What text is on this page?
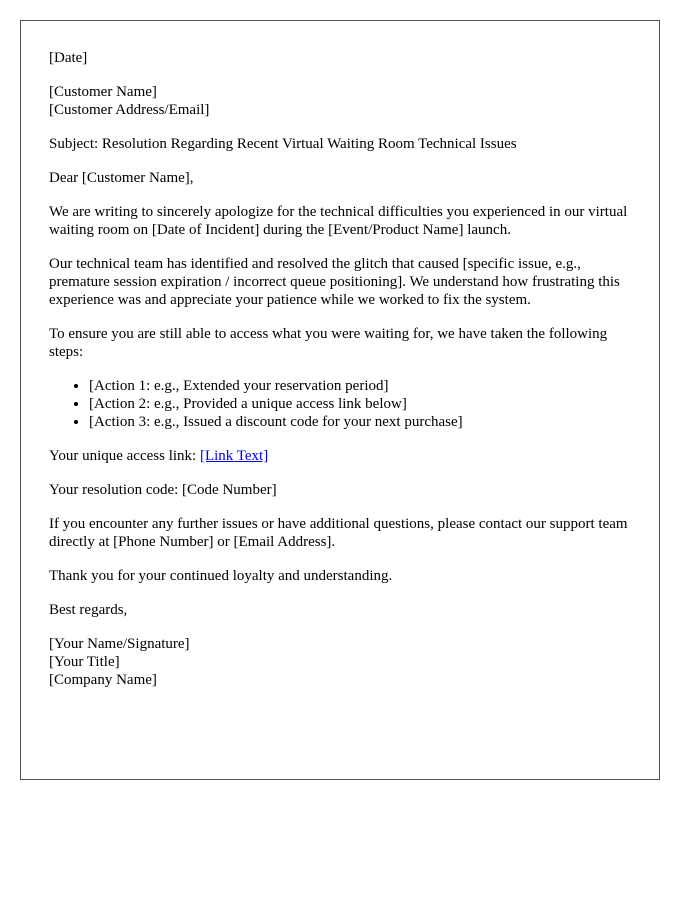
[Date]

[Customer Name]
[Customer Address/Email]

Subject: Resolution Regarding Recent Virtual Waiting Room Technical Issues

Dear [Customer Name],

We are writing to sincerely apologize for the technical difficulties you experienced in our virtual waiting room on [Date of Incident] during the [Event/Product Name] launch.

Our technical team has identified and resolved the glitch that caused [specific issue, e.g., premature session expiration / incorrect queue positioning]. We understand how frustrating this experience was and appreciate your patience while we worked to fix the system.

To ensure you are still able to access what you were waiting for, we have taken the following steps:

• [Action 1: e.g., Extended your reservation period]
• [Action 2: e.g., Provided a unique access link below]
• [Action 3: e.g., Issued a discount code for your next purchase]

Your unique access link: [Link Text]

Your resolution code: [Code Number]

If you encounter any further issues or have additional questions, please contact our support team directly at [Phone Number] or [Email Address].

Thank you for your continued loyalty and understanding.

Best regards,

[Your Name/Signature]
[Your Title]
[Company Name]
